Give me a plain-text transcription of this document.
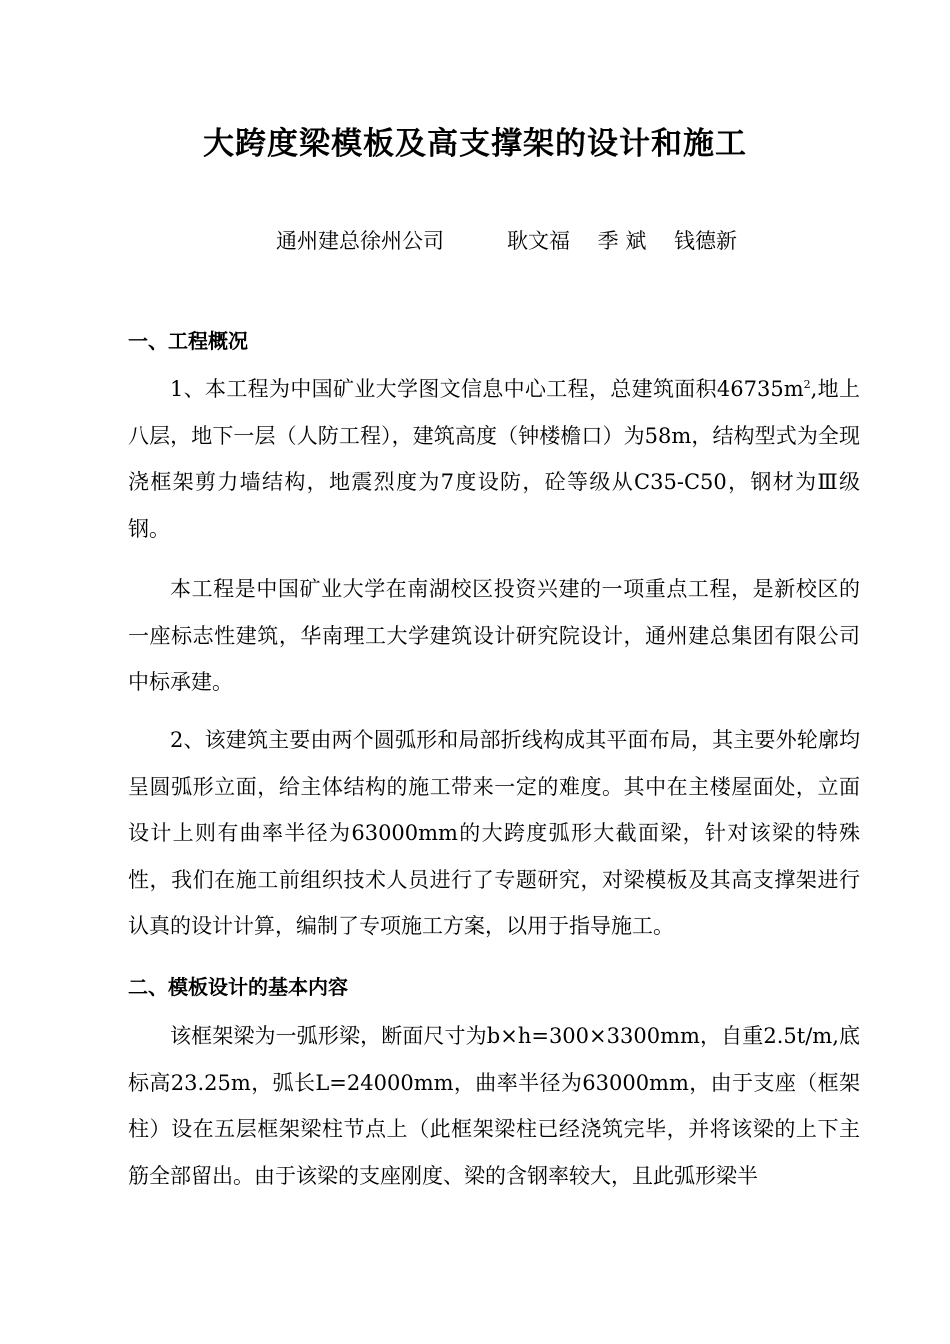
大跨度梁模板及高支撑架的设计和施工
通州建总徐州公司　　　耿文福　 季 斌　 钱德新
一、工程概况

1、本工程为中国矿业大学图文信息中心工程，总建筑面积$46735m^2$,地上八层，地下一层（人防工程），建筑高度（钟楼檐口）为58m，结构型式为全现浇框架剪力墙结构，地震烈度为7度设防，砼等级从C35-C50，钢材为Ⅲ级钢。

本工程是中国矿业大学在南湖校区投资兴建的一项重点工程，是新校区的一座标志性建筑，华南理工大学建筑设计研究院设计，通州建总集团有限公司中标承建。

2、该建筑主要由两个圆弧形和局部折线构成其平面布局，其主要外轮廓均呈圆弧形立面，给主体结构的施工带来一定的难度。其中在主楼屋面处，立面设计上则有曲率半径为63000mm的大跨度弧形大截面梁，针对该梁的特殊性，我们在施工前组织技术人员进行了专题研究，对梁模板及其高支撑架进行认真的设计计算，编制了专项施工方案，以用于指导施工。

二、模板设计的基本内容

该框架梁为一弧形梁，断面尺寸为b×h=300×3300mm，自重2.5t/m,底标高23.25m，弧长L=24000mm，曲率半径为63000mm，由于支座（框架柱）设在五层框架梁柱节点上（此框架梁柱已经浇筑完毕，并将该梁的上下主筋全部留出。由于该梁的支座刚度、梁的含钢率较大，且此弧形梁半
